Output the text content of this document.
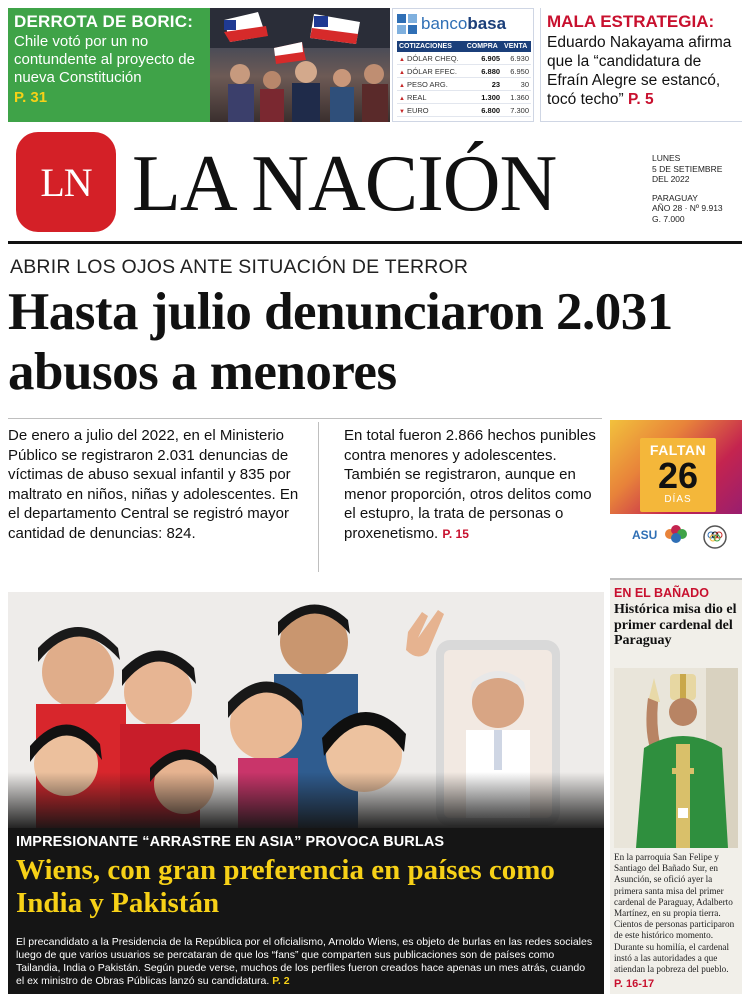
DERROTA DE BORIC:
Chile votó por un no contundente al proyecto de nueva Constitución
P. 31
banco basa
COTIZACIONES	COMPRA	VENTA
▲ DÓLAR CHEQ.	6.905	6.930
▲ DÓLAR EFEC.	6.880	6.950
▲ PESO ARG.	23	30
▲ REAL	1.300	1.360
▼ EURO	6.800	7.300
MALA ESTRATEGIA:
Eduardo Nakayama afirma que la “candidatura de Efraín Alegre se estancó, tocó techo” P. 5
LN LA NACIÓN	LUNES
5 DE SETIEMBRE
DEL 2022
PARAGUAY
AÑO 28 · Nº 9.913
G. 7.000
ABRIR LOS OJOS ANTE SITUACIÓN DE TERROR
Hasta julio denunciaron 2.031 abusos a menores
De enero a julio del 2022, en el Ministerio Público se registraron 2.031 denuncias de víctimas de abuso sexual infantil y 835 por maltrato en niños, niñas y adolescentes. En el departamento Central se registró mayor cantidad de denuncias: 824.
En total fueron 2.866 hechos punibles contra menores y adolescentes. También se registraron, aunque en menor proporción, otros delitos como el estupro, la trata de personas o proxenetismo. P. 15
FALTAN
26
DÍAS
ASU
IMPRESIONANTE “ARRASTRE EN ASIA” PROVOCA BURLAS
Wiens, con gran preferencia en países como India y Pakistán
El precandidato a la Presidencia de la República por el oficialismo, Arnoldo Wiens, es objeto de burlas en las redes sociales luego de que varios usuarios se percataran de que los “fans” que comparten sus publicaciones son de países como Tailandia, India o Pakistán. Según puede verse, muchos de los perfiles fueron creados hace apenas un mes atrás, cuando el ex ministro de Obras Públicas lanzó su candidatura. P. 2
EN EL BAÑADO
Histórica misa dio el primer cardenal del Paraguay
En la parroquia San Felipe y Santiago del Bañado Sur, en Asunción, se ofició ayer la primera santa misa del primer cardenal de Paraguay, Adalberto Martínez, en su propia tierra. Cientos de personas participaron de este histórico momento. Durante su homilía, el cardenal instó a las autoridades a que atiendan la pobreza del pueblo.
P. 16-17
